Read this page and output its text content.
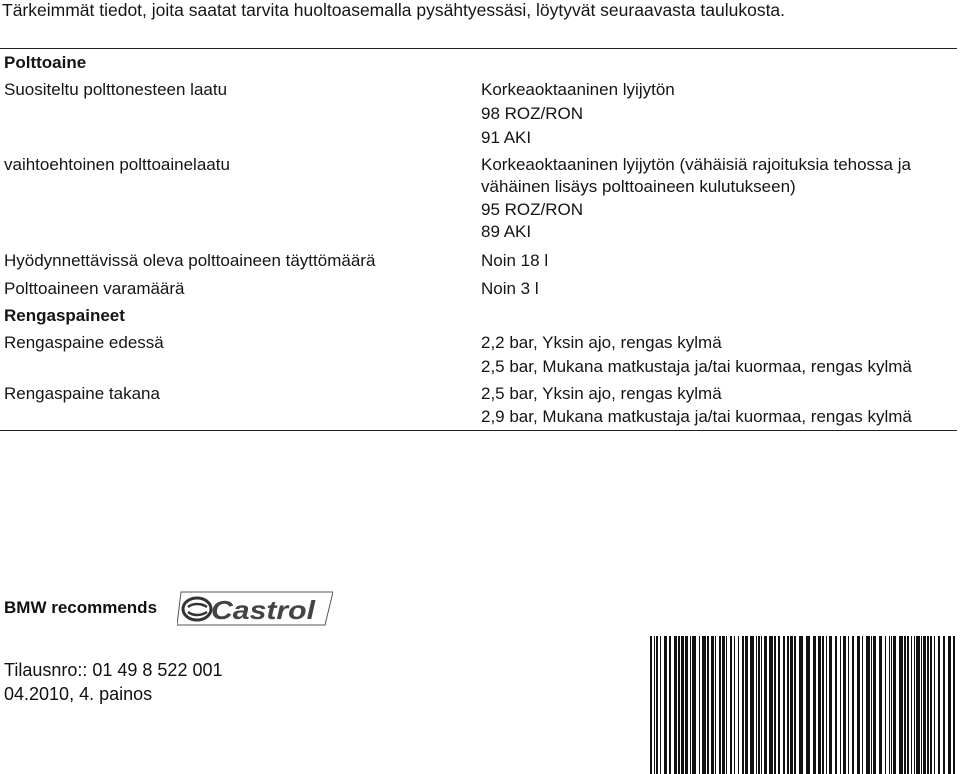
Tärkeimmät tiedot, joita saatat tarvita huoltoasemalla pysähtyessäsi, löytyvät seuraavasta taulukosta.
Polttoaine
Suositeltu polttonesteen laatu	Korkeaoktaaninen lyijytön
98 ROZ/RON
91 AKI
vaihtoehtoinen polttoainelaatu	Korkeaoktaaninen lyijytön (vähäisiä rajoituksia tehossa ja
vähäinen lisäys polttoaineen kulutukseen)
95 ROZ/RON
89 AKI
Hyödynnettävissä oleva polttoaineen täyttömäärä	Noin 18 l
Polttoaineen varamäärä	Noin 3 l
Rengaspaineet
Rengaspaine edessä	2,2 bar, Yksin ajo, rengas kylmä
2,5 bar, Mukana matkustaja ja/tai kuormaa, rengas kylmä
Rengaspaine takana	2,5 bar, Yksin ajo, rengas kylmä
2,9 bar, Mukana matkustaja ja/tai kuormaa, rengas kylmä
BMW recommends Castrol
Tilausnro:: 01 49 8 522 001
04.2010, 4. painos
